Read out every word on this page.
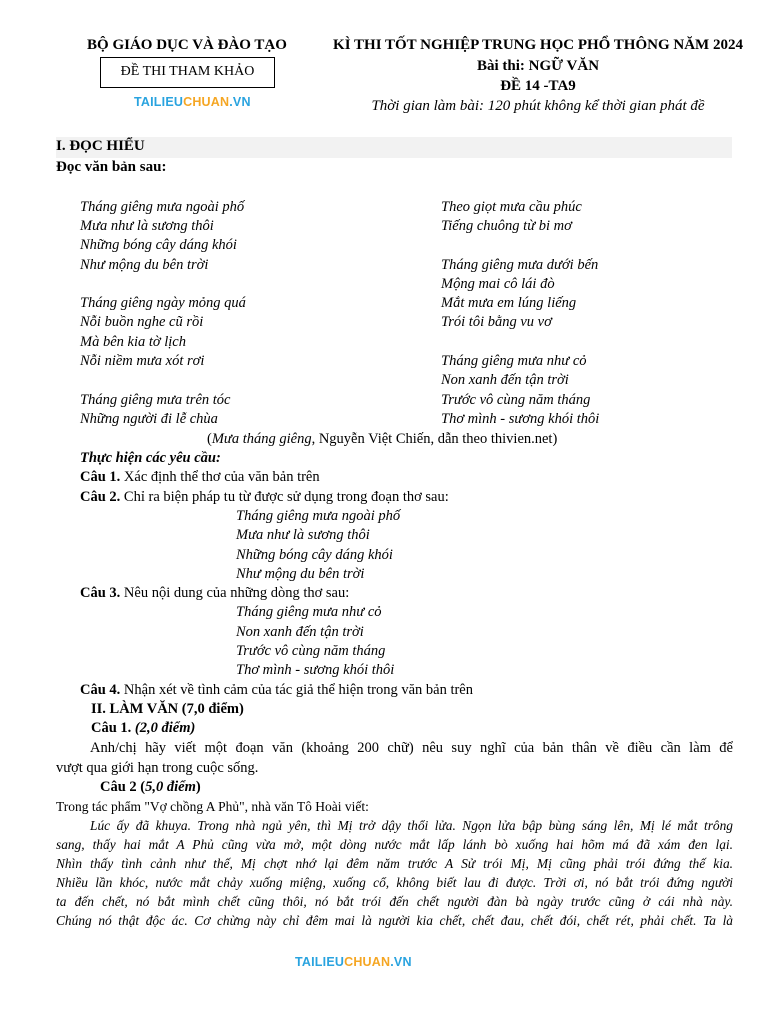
BỘ GIÁO DỤC VÀ ĐÀO TẠO
ĐỀ THI THAM KHẢO
TAILIEUCHUAN.VN
KÌ THI TỐT NGHIỆP TRUNG HỌC PHỔ THÔNG NĂM 2024
Bài thi: NGỮ VĂN
ĐỀ 14 -TA9
Thời gian làm bài: 120 phút không kể thời gian phát đề
I. ĐỌC HIỂU
Đọc văn bản sau:
Tháng giêng mưa ngoài phố
Mưa như là sương thôi
Những bóng cây dáng khói
Như mộng du bên trời
Tháng giêng ngày mỏng quá
Nỗi buồn nghe cũ rồi
Mà bên kia tờ lịch
Nỗi niềm mưa xót rơi
Tháng giêng mưa trên tóc
Những người đi lễ chùa
Theo giọt mưa cầu phúc
Tiếng chuông từ bi mơ
Tháng giêng mưa dưới bến
Mộng mai cô lái đò
Mắt mưa em lúng liếng
Trói tôi bằng vu vơ
Tháng giêng mưa như cỏ
Non xanh đến tận trời
Trước vô cùng năm tháng
Thơ mình - sương khói thôi
(Mưa tháng giêng, Nguyễn Việt Chiến, dẫn theo thivien.net)
Thực hiện các yêu cầu:
Câu 1. Xác định thể thơ của văn bản trên
Câu 2. Chỉ ra biện pháp tu từ được sử dụng trong đoạn thơ sau:
Tháng giêng mưa ngoài phố
Mưa như là sương thôi
Những bóng cây dáng khói
Như mộng du bên trời
Câu 3. Nêu nội dung của những dòng thơ sau:
Tháng giêng mưa như cỏ
Non xanh đến tận trời
Trước vô cùng năm tháng
Thơ mình - sương khói thôi
Câu 4. Nhận xét về tình cảm của tác giả thể hiện trong văn bản trên
II. LÀM VĂN (7,0 điểm)
Câu 1. (2,0 điểm)
Anh/chị hãy viết một đoạn văn (khoảng 200 chữ) nêu suy nghĩ của bản thân về điều cần làm để
vượt qua giới hạn trong cuộc sống.
Câu 2 (5,0 điểm)
Trong tác phẩm "Vợ chồng A Phủ", nhà văn Tô Hoài viết:
Lúc ấy đã khuya. Trong nhà ngủ yên, thì Mị trở dậy thổi lửa. Ngọn lửa bập bùng sáng lên, Mị lé mắt trông
sang, thấy hai mắt A Phủ cũng vừa mở, một dòng nước mắt lấp lánh bò xuống hai hõm má đã xám đen lại.
Nhìn thấy tình cảnh như thế, Mị chợt nhớ lại đêm năm trước A Sử trói Mị, Mị cũng phải trói đứng thế kia.
Nhiều lần khóc, nước mắt chảy xuống miệng, xuống cổ, không biết lau đi được. Trời ơi, nó bắt trói đứng người
ta đến chết, nó bắt mình chết cũng thôi, nó bắt trói đến chết người đàn bà ngày trước cũng ở cái nhà này.
Chúng nó thật độc ác. Cơ chừng này chỉ đêm mai là người kia chết, chết đau, chết đói, chết rét, phải chết. Ta là
TAILIEUCHUAN.VN
